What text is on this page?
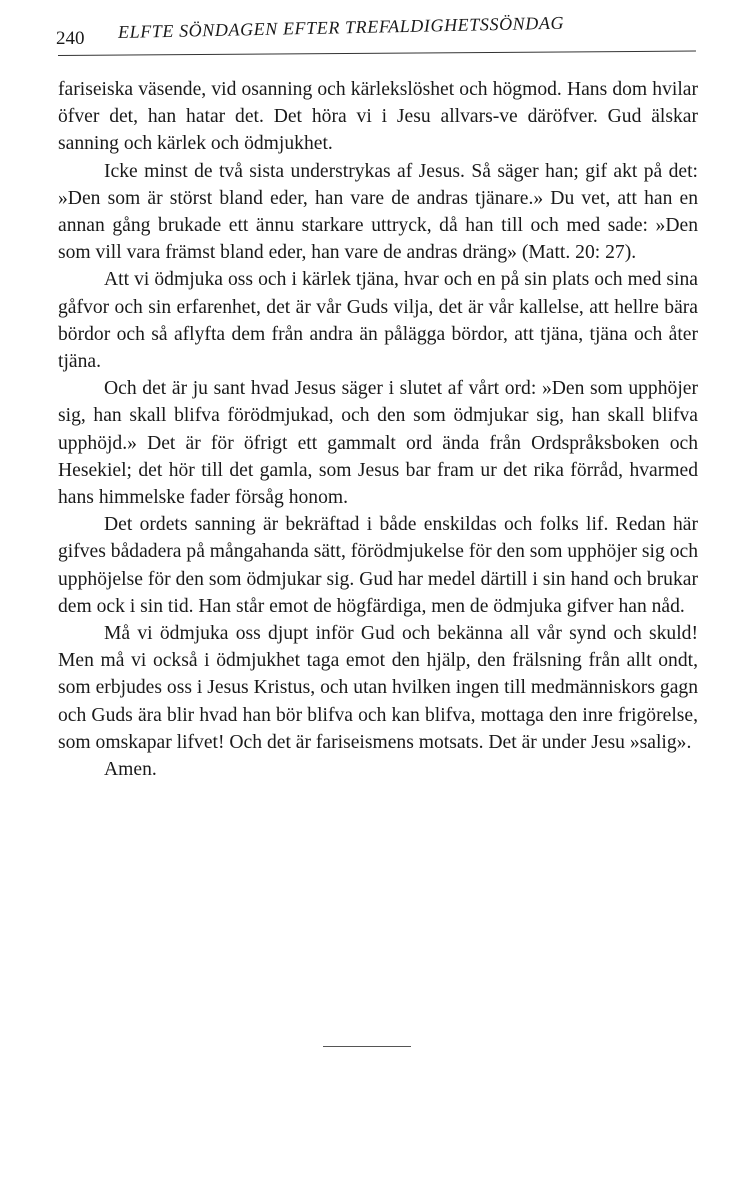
240 ELFTE SÖNDAGEN EFTER TREFALDIGHETSSÖNDAG

fariseiska väsende, vid osanning och kärlekslöshet och högmod. Hans dom hvilar öfver det, han hatar det. Det höra vi i Jesu allvars-ve däröfver. Gud älskar sanning och kärlek och ödmjukhet.

Icke minst de två sista understrykas af Jesus. Så säger han; gif akt på det: »Den som är störst bland eder, han vare de andras tjänare.» Du vet, att han en annan gång brukade ett ännu starkare uttryck, då han till och med sade: »Den som vill vara främst bland eder, han vare de andras dräng» (Matt. 20: 27).

Att vi ödmjuka oss och i kärlek tjäna, hvar och en på sin plats och med sina gåfvor och sin erfarenhet, det är vår Guds vilja, det är vår kallelse, att hellre bära bördor och så aflyfta dem från andra än pålägga bördor, att tjäna, tjäna och åter tjäna.

Och det är ju sant hvad Jesus säger i slutet af vårt ord: »Den som upphöjer sig, han skall blifva förödmjukad, och den som ödmjukar sig, han skall blifva upphöjd.» Det är för öfrigt ett gammalt ord ända från Ordspråksboken och Hesekiel; det hör till det gamla, som Jesus bar fram ur det rika förråd, hvarmed hans himmelske fader försåg honom.

Det ordets sanning är bekräftad i både enskildas och folks lif. Redan här gifves bådadera på mångahanda sätt, förödmjukelse för den som upphöjer sig och upphöjelse för den som ödmjukar sig. Gud har medel därtill i sin hand och brukar dem ock i sin tid. Han står emot de högfärdiga, men de ödmjuka gifver han nåd.

Må vi ödmjuka oss djupt inför Gud och bekänna all vår synd och skuld! Men må vi också i ödmjukhet taga emot den hjälp, den frälsning från allt ondt, som erbjudes oss i Jesus Kristus, och utan hvilken ingen till medmänniskors gagn och Guds ära blir hvad han bör blifva och kan blifva, mottaga den inre frigörelse, som omskapar lifvet! Och det är fariseismens motsats. Det är under Jesu »salig».

Amen.
